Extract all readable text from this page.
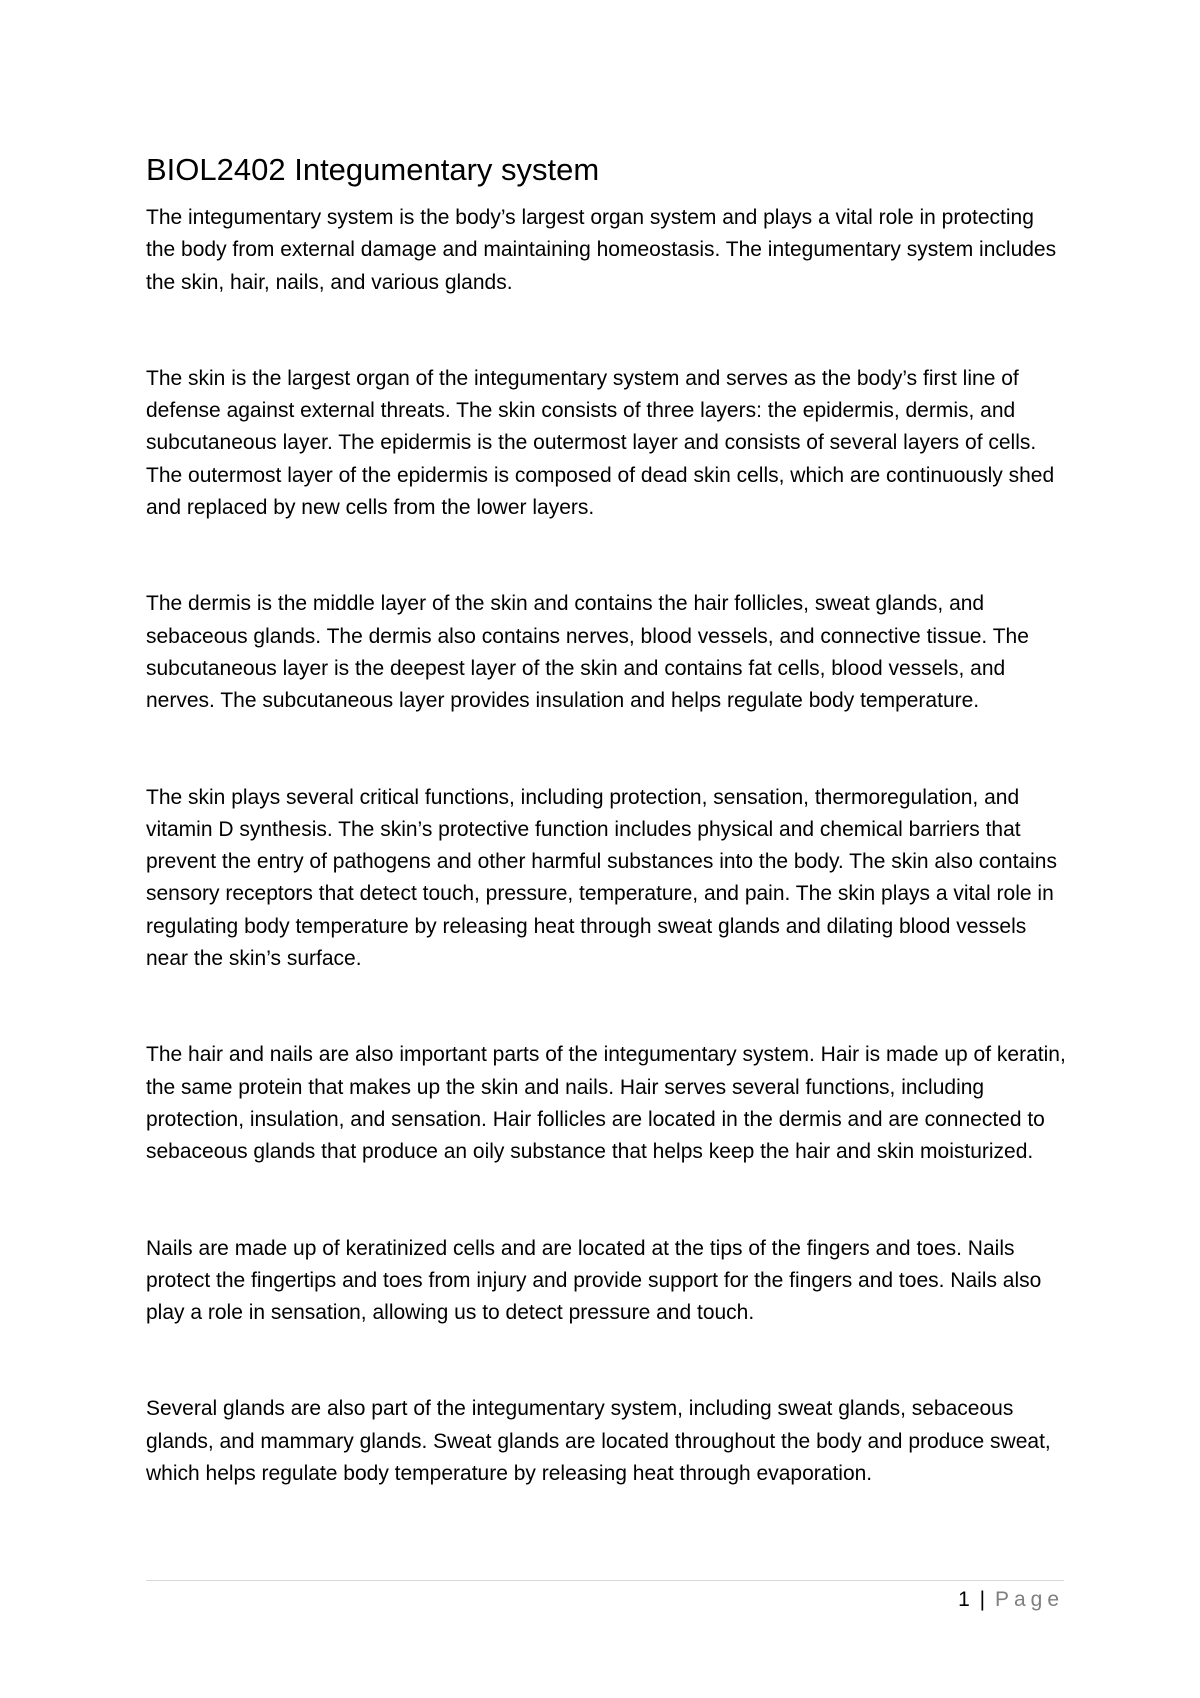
BIOL2402 Integumentary system

The integumentary system is the body’s largest organ system and plays a vital role in protecting the body from external damage and maintaining homeostasis. The integumentary system includes the skin, hair, nails, and various glands.

The skin is the largest organ of the integumentary system and serves as the body’s first line of defense against external threats. The skin consists of three layers: the epidermis, dermis, and subcutaneous layer. The epidermis is the outermost layer and consists of several layers of cells. The outermost layer of the epidermis is composed of dead skin cells, which are continuously shed and replaced by new cells from the lower layers.

The dermis is the middle layer of the skin and contains the hair follicles, sweat glands, and sebaceous glands. The dermis also contains nerves, blood vessels, and connective tissue. The subcutaneous layer is the deepest layer of the skin and contains fat cells, blood vessels, and nerves. The subcutaneous layer provides insulation and helps regulate body temperature.

The skin plays several critical functions, including protection, sensation, thermoregulation, and vitamin D synthesis. The skin’s protective function includes physical and chemical barriers that prevent the entry of pathogens and other harmful substances into the body. The skin also contains sensory receptors that detect touch, pressure, temperature, and pain. The skin plays a vital role in regulating body temperature by releasing heat through sweat glands and dilating blood vessels near the skin’s surface.

The hair and nails are also important parts of the integumentary system. Hair is made up of keratin, the same protein that makes up the skin and nails. Hair serves several functions, including protection, insulation, and sensation. Hair follicles are located in the dermis and are connected to sebaceous glands that produce an oily substance that helps keep the hair and skin moisturized.

Nails are made up of keratinized cells and are located at the tips of the fingers and toes. Nails protect the fingertips and toes from injury and provide support for the fingers and toes. Nails also play a role in sensation, allowing us to detect pressure and touch.

Several glands are also part of the integumentary system, including sweat glands, sebaceous glands, and mammary glands. Sweat glands are located throughout the body and produce sweat, which helps regulate body temperature by releasing heat through evaporation.

1 | Page
